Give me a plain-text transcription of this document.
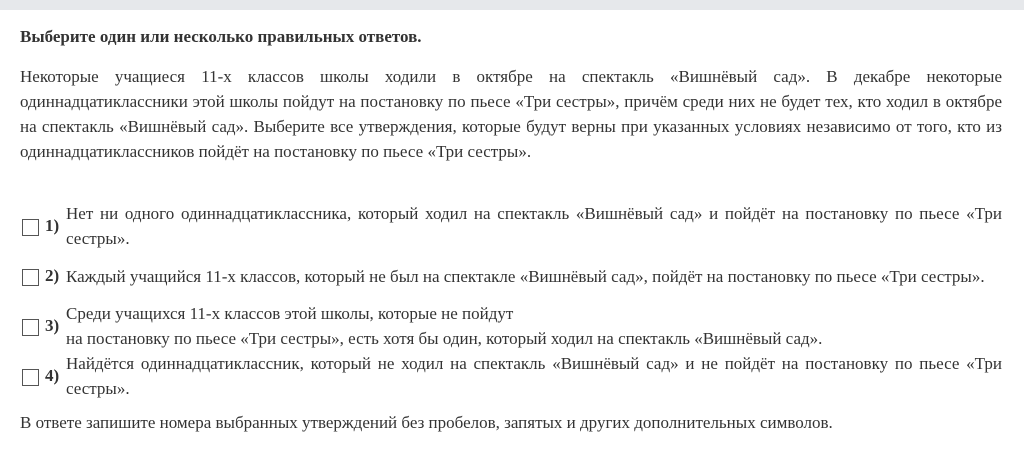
Выберите один или несколько правильных ответов.

Некоторые учащиеся 11-х классов школы ходили в октябре на спектакль «Вишнёвый сад». В декабре некоторые одиннадцатиклассники этой школы пойдут на постановку по пьесе «Три сестры», причём среди них не будет тех, кто ходил в октябре на спектакль «Вишнёвый сад». Выберите все утверждения, которые будут верны при указанных условиях независимо от того, кто из одиннадцатиклассников пойдёт на постановку по пьесе «Три сестры».

1)
Нет ни одного одиннадцатиклассника, который ходил на спектакль «Вишнёвый сад» и пойдёт на постановку по пьесе «Три сестры».
2) Каждый учащийся 11-х классов, который не был на спектакле «Вишнёвый сад», пойдёт на постановку по пьесе «Три сестры».
3)
Среди учащихся 11-х классов этой школы, которые не пойдут
на постановку по пьесе «Три сестры», есть хотя бы один, который ходил на спектакль «Вишнёвый сад».
4)
Найдётся одиннадцатиклассник, который не ходил на спектакль «Вишнёвый сад» и не пойдёт на постановку по пьесе «Три сестры».
В ответе запишите номера выбранных утверждений без пробелов, запятых и других дополнительных символов.
